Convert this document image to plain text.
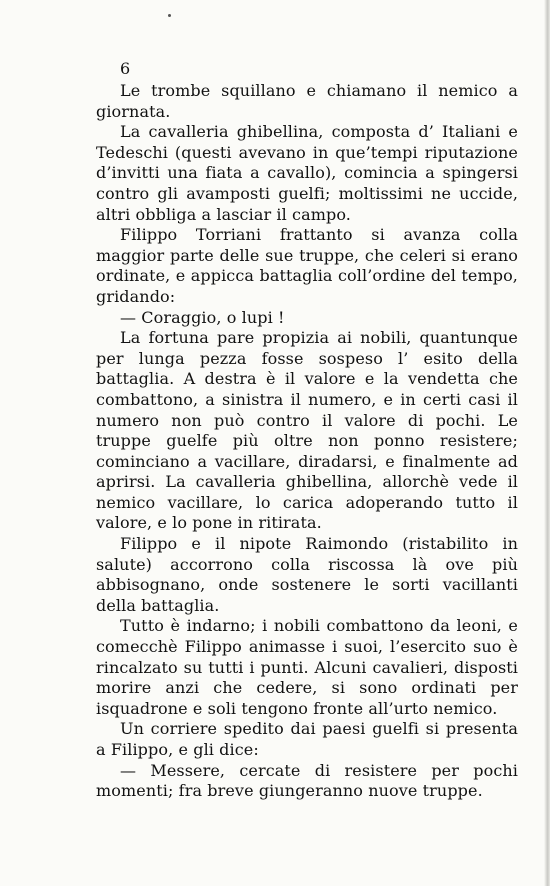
6

Le trombe squillano e chiamano il nemico a giornata.

La cavalleria ghibellina, composta d’ Italiani e Tedeschi (questi avevano in que’tempi riputazione d’invitti una fiata a cavallo), comincia a spingersi contro gli avamposti guelfi; moltissimi ne uccide, altri obbliga a lasciar il campo.

Filippo Torriani frattanto si avanza colla maggior parte delle sue truppe, che celeri si erano ordinate, e appicca battaglia coll’ordine del tempo, gridando:

— Coraggio, o lupi !

La fortuna pare propizia ai nobili, quantunque per lunga pezza fosse sospeso l’ esito della battaglia. A destra è il valore e la vendetta che combattono, a sinistra il numero, e in certi casi il numero non può contro il valore di pochi. Le truppe guelfe più oltre non ponno resistere; cominciano a vacillare, diradarsi, e finalmente ad aprirsi. La cavalleria ghibellina, allorchè vede il nemico vacillare, lo carica adoperando tutto il valore, e lo pone in ritirata.

Filippo e il nipote Raimondo (ristabilito in salute) accorrono colla riscossa là ove più abbisognano, onde sostenere le sorti vacillanti della battaglia.

Tutto è indarno; i nobili combattono da leoni, e comecchè Filippo animasse i suoi, l’esercito suo è rincalzato su tutti i punti. Alcuni cavalieri, disposti morire anzi che cedere, si sono ordinati per isquadrone e soli tengono fronte all’urto nemico.

Un corriere spedito dai paesi guelfi si presenta a Filippo, e gli dice:

— Messere, cercate di resistere per pochi momenti; fra breve giungeranno nuove truppe.
